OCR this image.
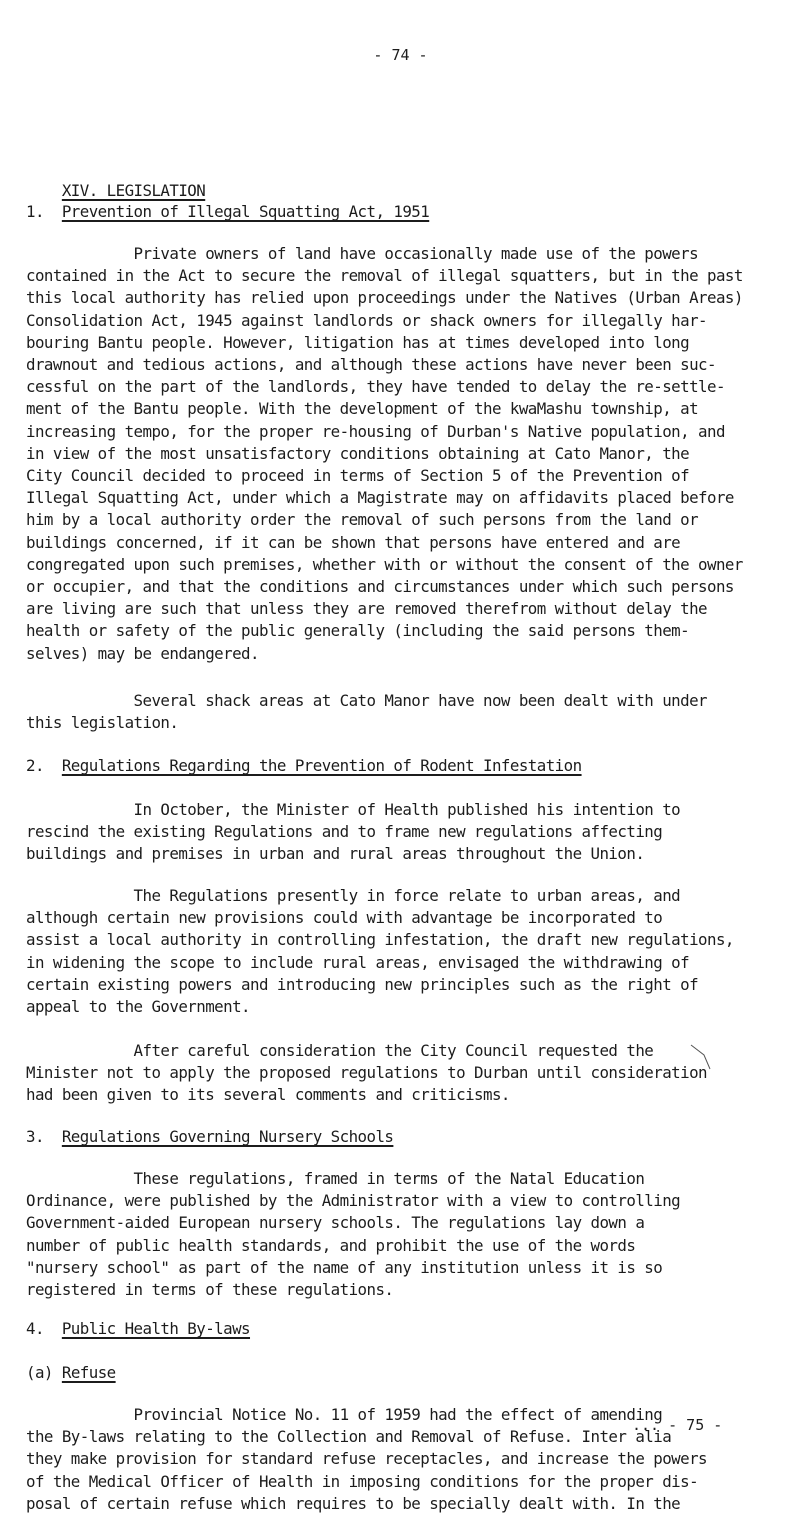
- 74 -

XIV. LEGISLATION

1. Prevention of Illegal Squatting Act, 1951
Private owners of land have occasionally made use of the powers
contained in the Act to secure the removal of illegal squatters, but in the past
this local authority has relied upon proceedings under the Natives (Urban Areas)
Consolidation Act, 1945 against landlords or shack owners for illegally har-
bouring Bantu people. However, litigation has at times developed into long
drawnout and tedious actions, and although these actions have never been suc-
cessful on the part of the landlords, they have tended to delay the re-settle-
ment of the Bantu people. With the development of the kwaMashu township, at
increasing tempo, for the proper re-housing of Durban's Native population, and
in view of the most unsatisfactory conditions obtaining at Cato Manor, the
City Council decided to proceed in terms of Section 5 of the Prevention of
Illegal Squatting Act, under which a Magistrate may on affidavits placed before
him by a local authority order the removal of such persons from the land or
buildings concerned, if it can be shown that persons have entered and are
congregated upon such premises, whether with or without the consent of the owner
or occupier, and that the conditions and circumstances under which such persons
are living are such that unless they are removed therefrom without delay the
health or safety of the public generally (including the said persons them-
selves) may be endangered.
Several shack areas at Cato Manor have now been dealt with under
this legislation.
2. Regulations Regarding the Prevention of Rodent Infestation
In October, the Minister of Health published his intention to
rescind the existing Regulations and to frame new regulations affecting
buildings and premises in urban and rural areas throughout the Union.
The Regulations presently in force relate to urban areas, and
although certain new provisions could with advantage be incorporated to
assist a local authority in controlling infestation, the draft new regulations,
in widening the scope to include rural areas, envisaged the withdrawing of
certain existing powers and introducing new principles such as the right of
appeal to the Government.
After careful consideration the City Council requested the
Minister not to apply the proposed regulations to Durban until consideration
had been given to its several comments and criticisms.
3. Regulations Governing Nursery Schools
These regulations, framed in terms of the Natal Education
Ordinance, were published by the Administrator with a view to controlling
Government-aided European nursery schools. The regulations lay down a
number of public health standards, and prohibit the use of the words
"nursery school" as part of the name of any institution unless it is so
registered in terms of these regulations.
4. Public Health By-laws
(a) Refuse
Provincial Notice No. 11 of 1959 had the effect of amending
the By-laws relating to the Collection and Removal of Refuse. Inter alia
they make provision for standard refuse receptacles, and increase the powers
of the Medical Officer of Health in imposing conditions for the proper dis-
posal of certain refuse which requires to be specially dealt with. In the
... - 75 -
